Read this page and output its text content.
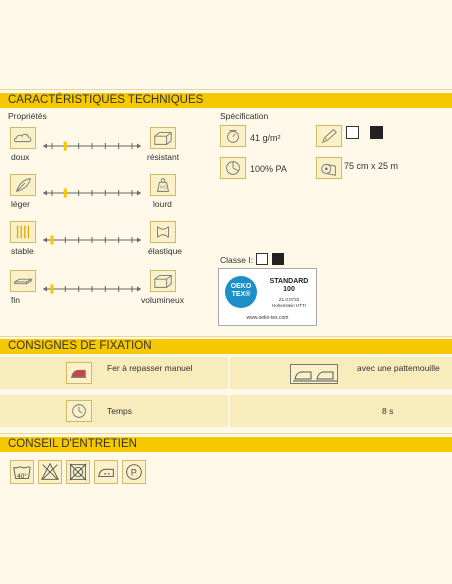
CARACTÉRISTIQUES TECHNIQUES
Propriétés	Spécification
doux	résistant
KG
léger	lourd
stable	élastique
fin	volumineux
41 g/m²
100% PA	75 cm x 25 m
Classe I:
OEKO
TEX®
STANDARD
100
Z1.0.0733
Hohenstein HTTI
www.oeko-tex.com
CONSIGNES DE FIXATION
Fer à repasser manuel	avec une pattemouille
Temps	8 s
CONSEIL D'ENTRETIEN
40°	P
